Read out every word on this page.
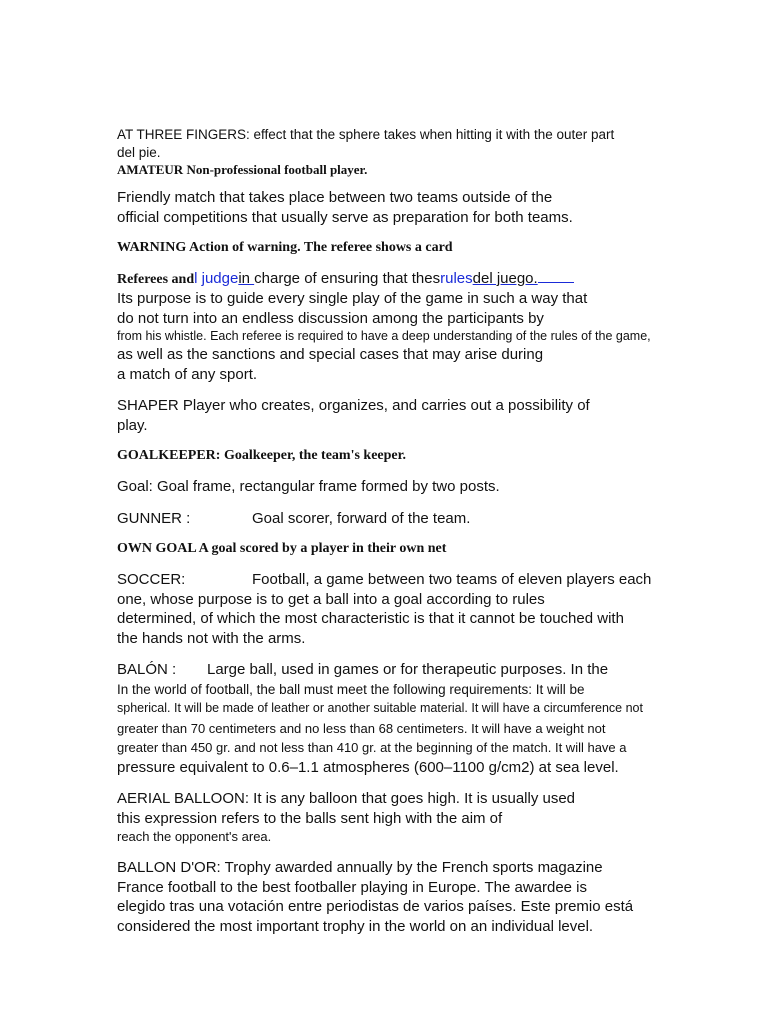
AT THREE FINGERS: effect that the sphere takes when hitting it with the outer part
del pie.
AMATEUR Non-professional football player.
Friendly match that takes place between two teams outside of the
official competitions that usually serve as preparation for both teams.
WARNING Action of warning. The referee shows a card
Referees andl judgein charge of ensuring that thesrulesdel juego.
Its purpose is to guide every single play of the game in such a way that
do not turn into an endless discussion among the participants by
from his whistle. Each referee is required to have a deep understanding of the rules of the game,
as well as the sanctions and special cases that may arise during
a match of any sport.
SHAPER Player who creates, organizes, and carries out a possibility of
play.
GOALKEEPER: Goalkeeper, the team's keeper.
Goal: Goal frame, rectangular frame formed by two posts.
GUNNER :	Goal scorer, forward of the team.
OWN GOAL A goal scored by a player in their own net
SOCCER:	Football, a game between two teams of eleven players each
one, whose purpose is to get a ball into a goal according to rules
determined, of which the most characteristic is that it cannot be touched with
the hands not with the arms.
BALÓN : Large ball, used in games or for therapeutic purposes. In the
In the world of football, the ball must meet the following requirements: It will be
spherical. It will be made of leather or another suitable material. It will have a circumference not
greater than 70 centimeters and no less than 68 centimeters. It will have a weight not
greater than 450 gr. and not less than 410 gr. at the beginning of the match. It will have a
pressure equivalent to 0.6–1.1 atmospheres (600–1100 g/cm2) at sea level.
AERIAL BALLOON: It is any balloon that goes high. It is usually used
this expression refers to the balls sent high with the aim of
reach the opponent's area.
BALLON D'OR: Trophy awarded annually by the French sports magazine
France football to the best footballer playing in Europe. The awardee is
elegido tras una votación entre periodistas de varios países. Este premio está
considered the most important trophy in the world on an individual level.
